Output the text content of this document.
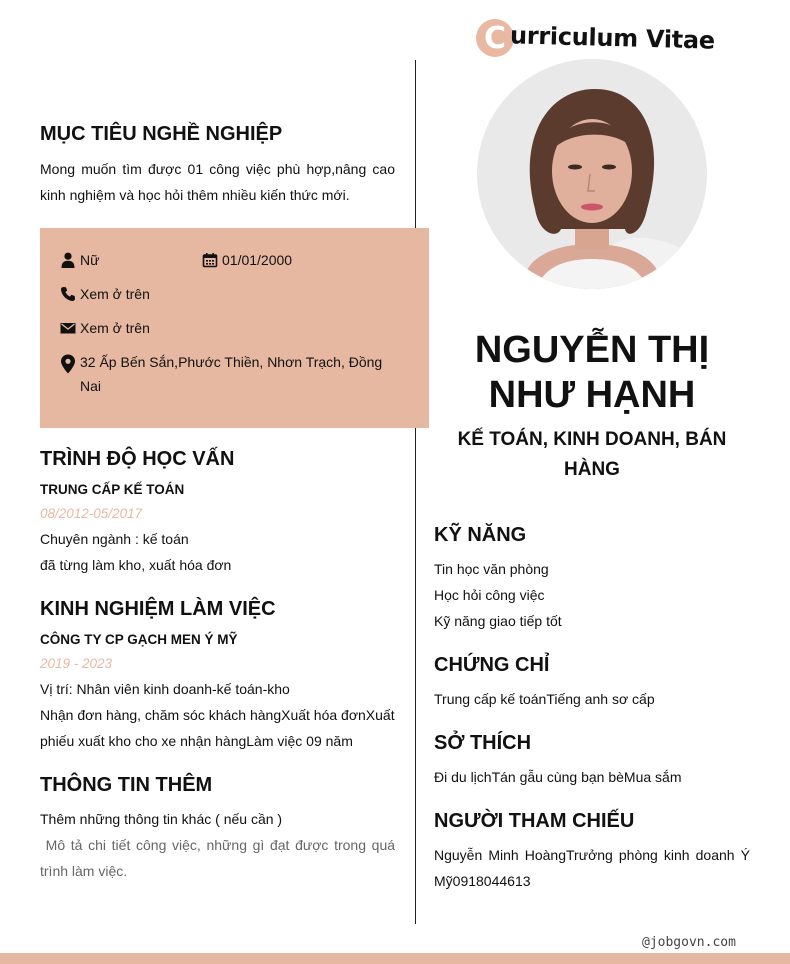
C urriculum Vitae
MỤC TIÊU NGHỀ NGHIỆP
Mong muốn tìm được 01 công việc phù hợp,nâng cao kinh nghiệm và học hỏi thêm nhiều kiến thức mới.
Nữ	01/01/2000
Xem ở trên
Xem ở trên
32 Ấp Bến Sắn,Phước Thiền, Nhơn Trạch, Đồng
Nai
TRÌNH ĐỘ HỌC VẤN
TRUNG CẤP KẾ TOÁN
08/2012-05/2017
Chuyên ngành : kế toán
đã từng làm kho, xuất hóa đơn
KINH NGHIỆM LÀM VIỆC
CÔNG TY CP GẠCH MEN Ý MỸ
2019 - 2023
Vị trí: Nhân viên kinh doanh-kế toán-kho
Nhận đơn hàng, chăm sóc khách hàngXuất hóa đơnXuất phiếu xuất kho cho xe nhận hàngLàm việc 09 năm
THÔNG TIN THÊM
Thêm những thông tin khác ( nếu cần )
Mô tả chi tiết công việc, những gì đạt được trong quá trình làm việc.
NGUYỄN THỊ NHƯ HẠNH
KẾ TOÁN, KINH DOANH, BÁN HÀNG
KỸ NĂNG
Tin học văn phòng
Học hỏi công việc
Kỹ năng giao tiếp tốt
CHỨNG CHỈ
Trung cấp kế toánTiếng anh sơ cấp
SỞ THÍCH
Đi du lịchTán gẫu cùng bạn bèMua sắm
NGƯỜI THAM CHIẾU
Nguyễn Minh HoàngTrưởng phòng kinh doanh Ý Mỹ0918044613
@jobgovn.com
